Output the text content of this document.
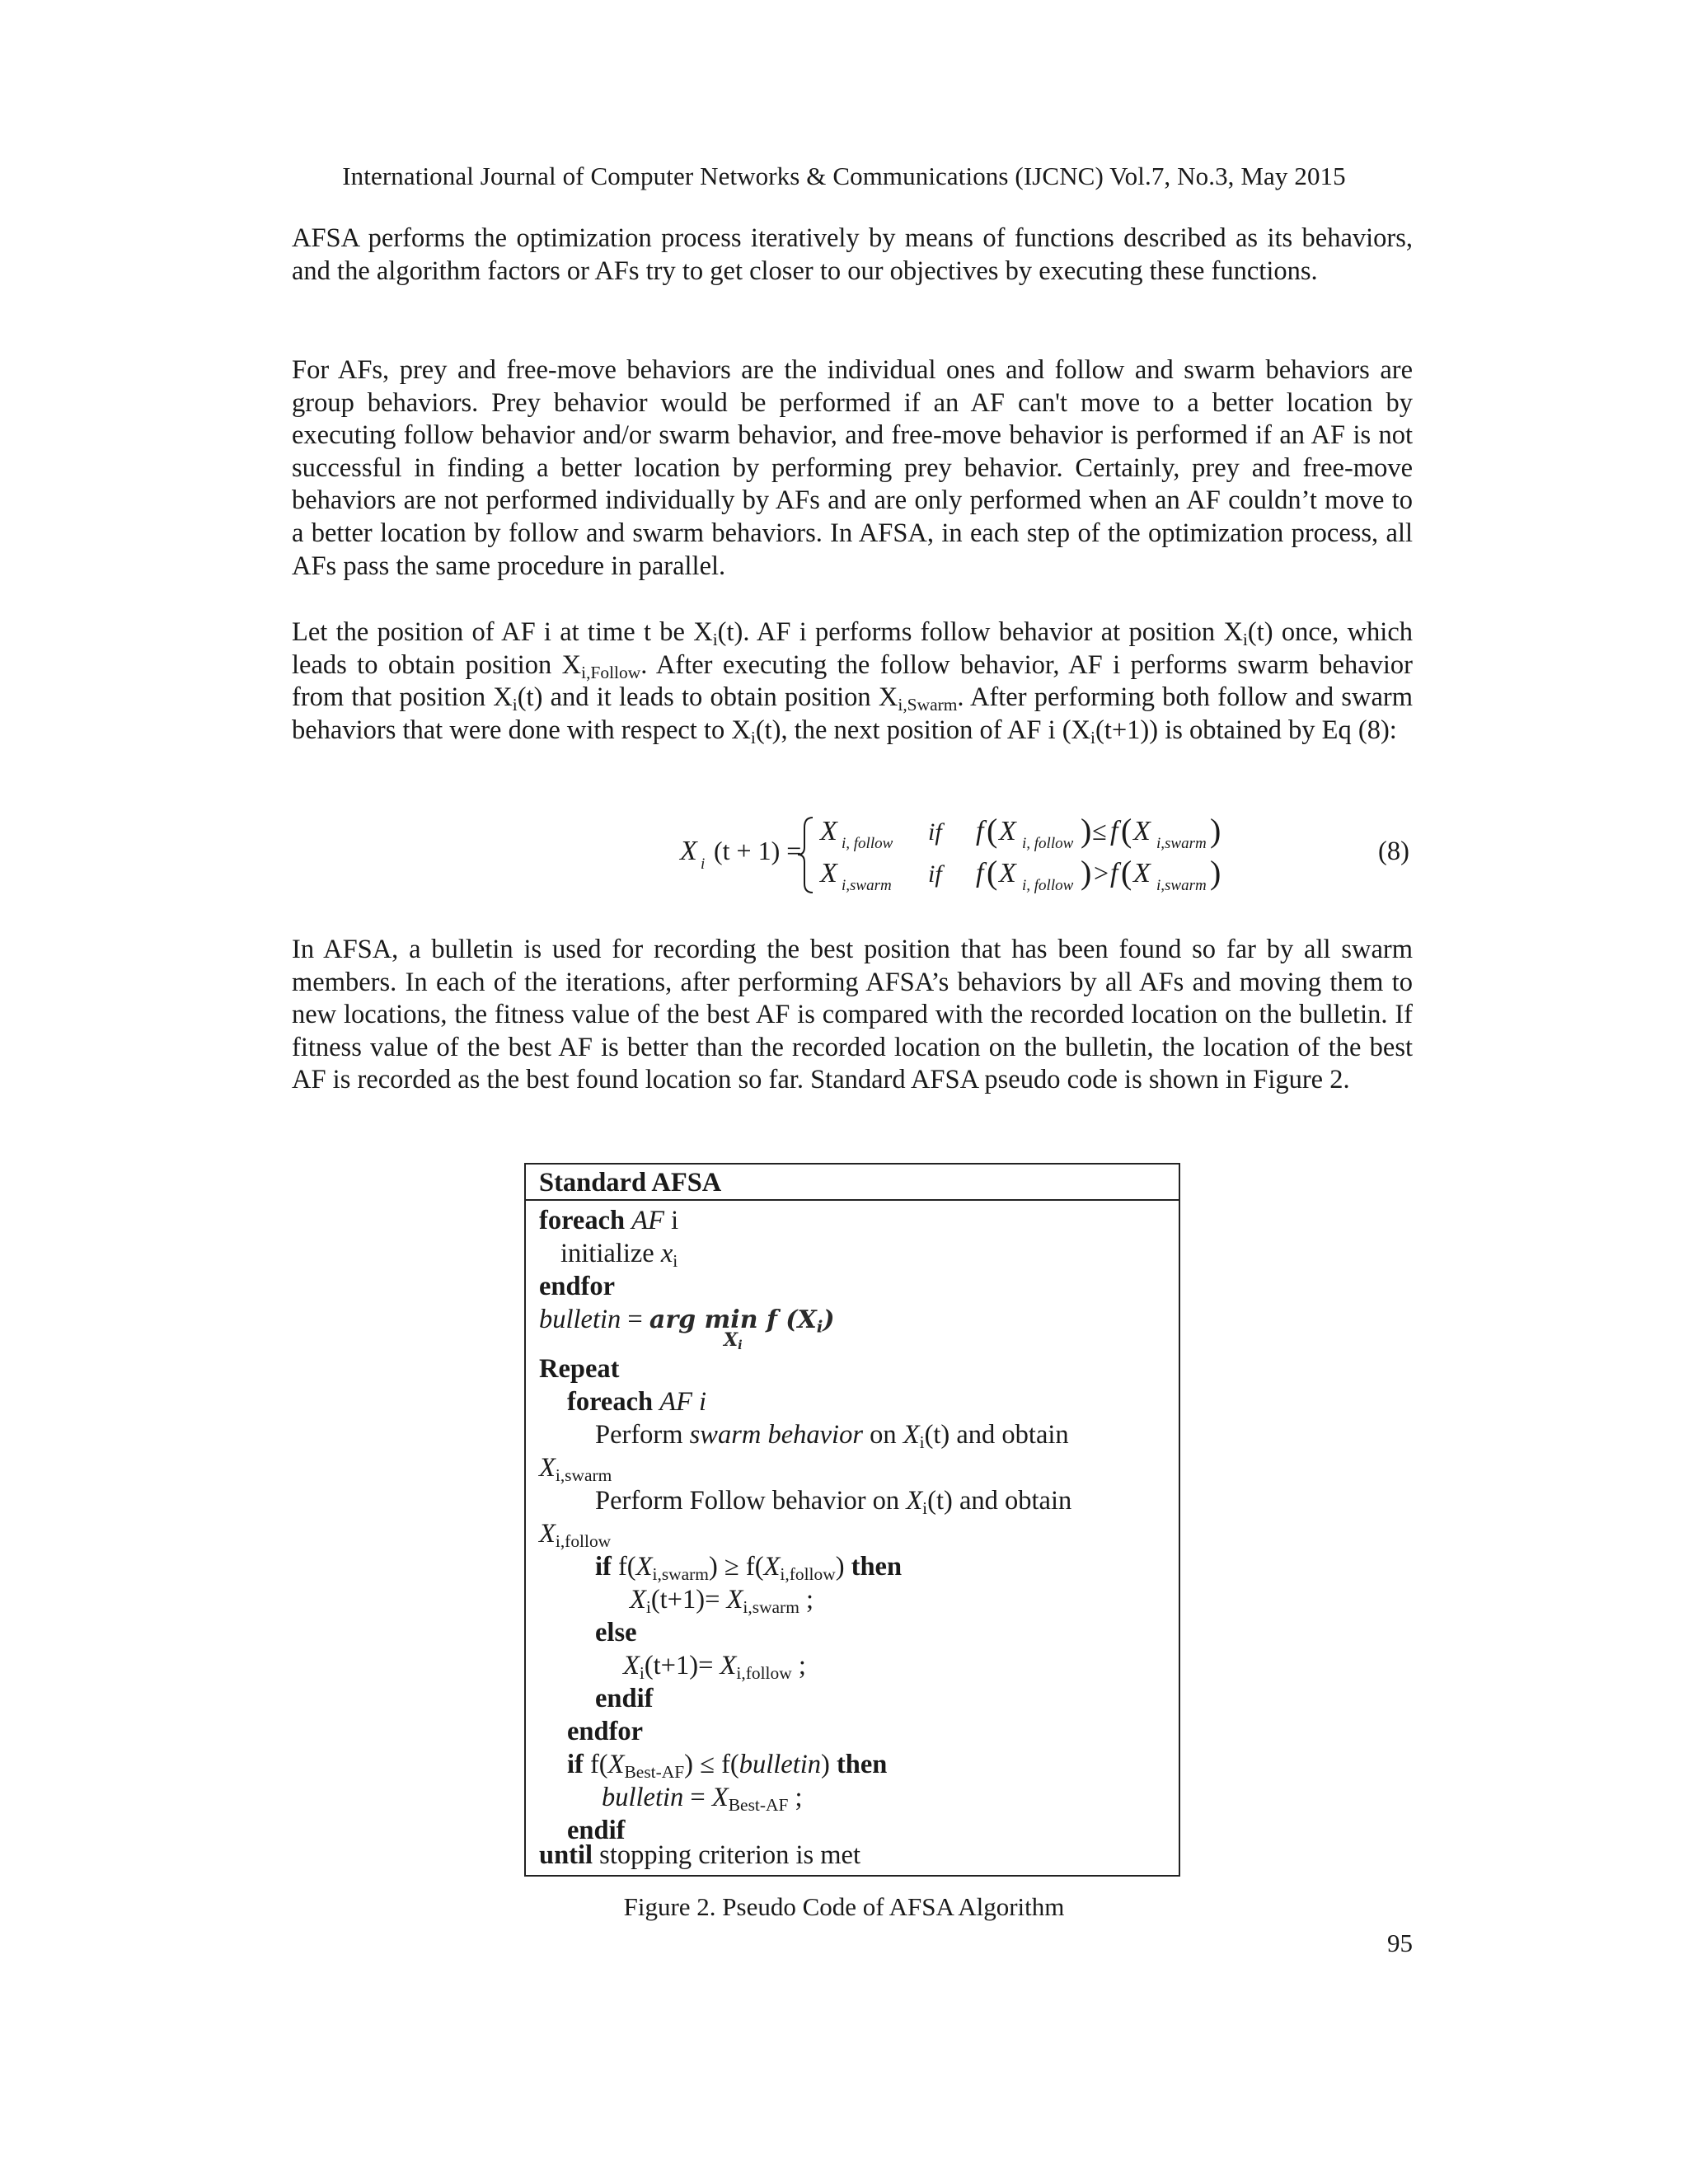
International Journal of Computer Networks & Communications (IJCNC) Vol.7, No.3, May 2015

AFSA performs the optimization process iteratively by means of functions described as its behaviors, and the algorithm factors or AFs try to get closer to our objectives by executing these functions.

For AFs, prey and free-move behaviors are the individual ones and follow and swarm behaviors are group behaviors. Prey behavior would be performed if an AF can't move to a better location by executing follow behavior and/or swarm behavior, and free-move behavior is performed if an AF is not successful in finding a better location by performing prey behavior. Certainly, prey and free-move behaviors are not performed individually by AFs and are only performed when an AF couldn’t move to a better location by follow and swarm behaviors. In AFSA, in each step of the optimization process, all AFs pass the same procedure in parallel.

Let the position of AF i at time t be $X_i(t)$. AF i performs follow behavior at position $X_i(t)$ once, which leads to obtain position $X_{i,Follow}$. After executing the follow behavior, AF i performs swarm behavior from that position $X_i(t)$ and it leads to obtain position $X_{i,Swarm}$. After performing both follow and swarm behaviors that were done with respect to $X_i(t)$, the next position of AF i $(X_i(t+1))$ is obtained by Eq (8):

X i (t + 1) =
X i, follow if f ( X i, follow ) ≤ f ( X i,swarm )
X i,swarm if f ( X i, follow ) > f ( X i,swarm )
(8)

In AFSA, a bulletin is used for recording the best position that has been found so far by all swarm members. In each of the iterations, after performing AFSA’s behaviors by all AFs and moving them to new locations, the fitness value of the best AF is compared with the recorded location on the bulletin. If fitness value of the best AF is better than the recorded location on the bulletin, the location of the best AF is recorded as the best found location so far. Standard AFSA pseudo code is shown in Figure 2.

Standard AFSA
foreach AF i
initialize $x_i$
endfor
bulletin = arg min f $(X_i)$
$X_i$
Repeat
foreach AF i
Perform swarm behavior on $X_i(t)$ and obtain
$X_{i,swarm}$
Perform Follow behavior on $X_i(t)$ and obtain
$X_{i,follow}$
if $f(X_{i,swarm}) \ge f(X_{i,follow})$ then
$X_i(t+1)= X_{i,swarm}$ ;
else
$X_i(t+1)= X_{i,follow}$ ;
endif
endfor
if $f(X_{Best-AF})$ ≤ f(bulletin) then
bulletin = $X_{Best-AF}$ ;
endif
until stopping criterion is met
Figure 2. Pseudo Code of AFSA Algorithm
95
